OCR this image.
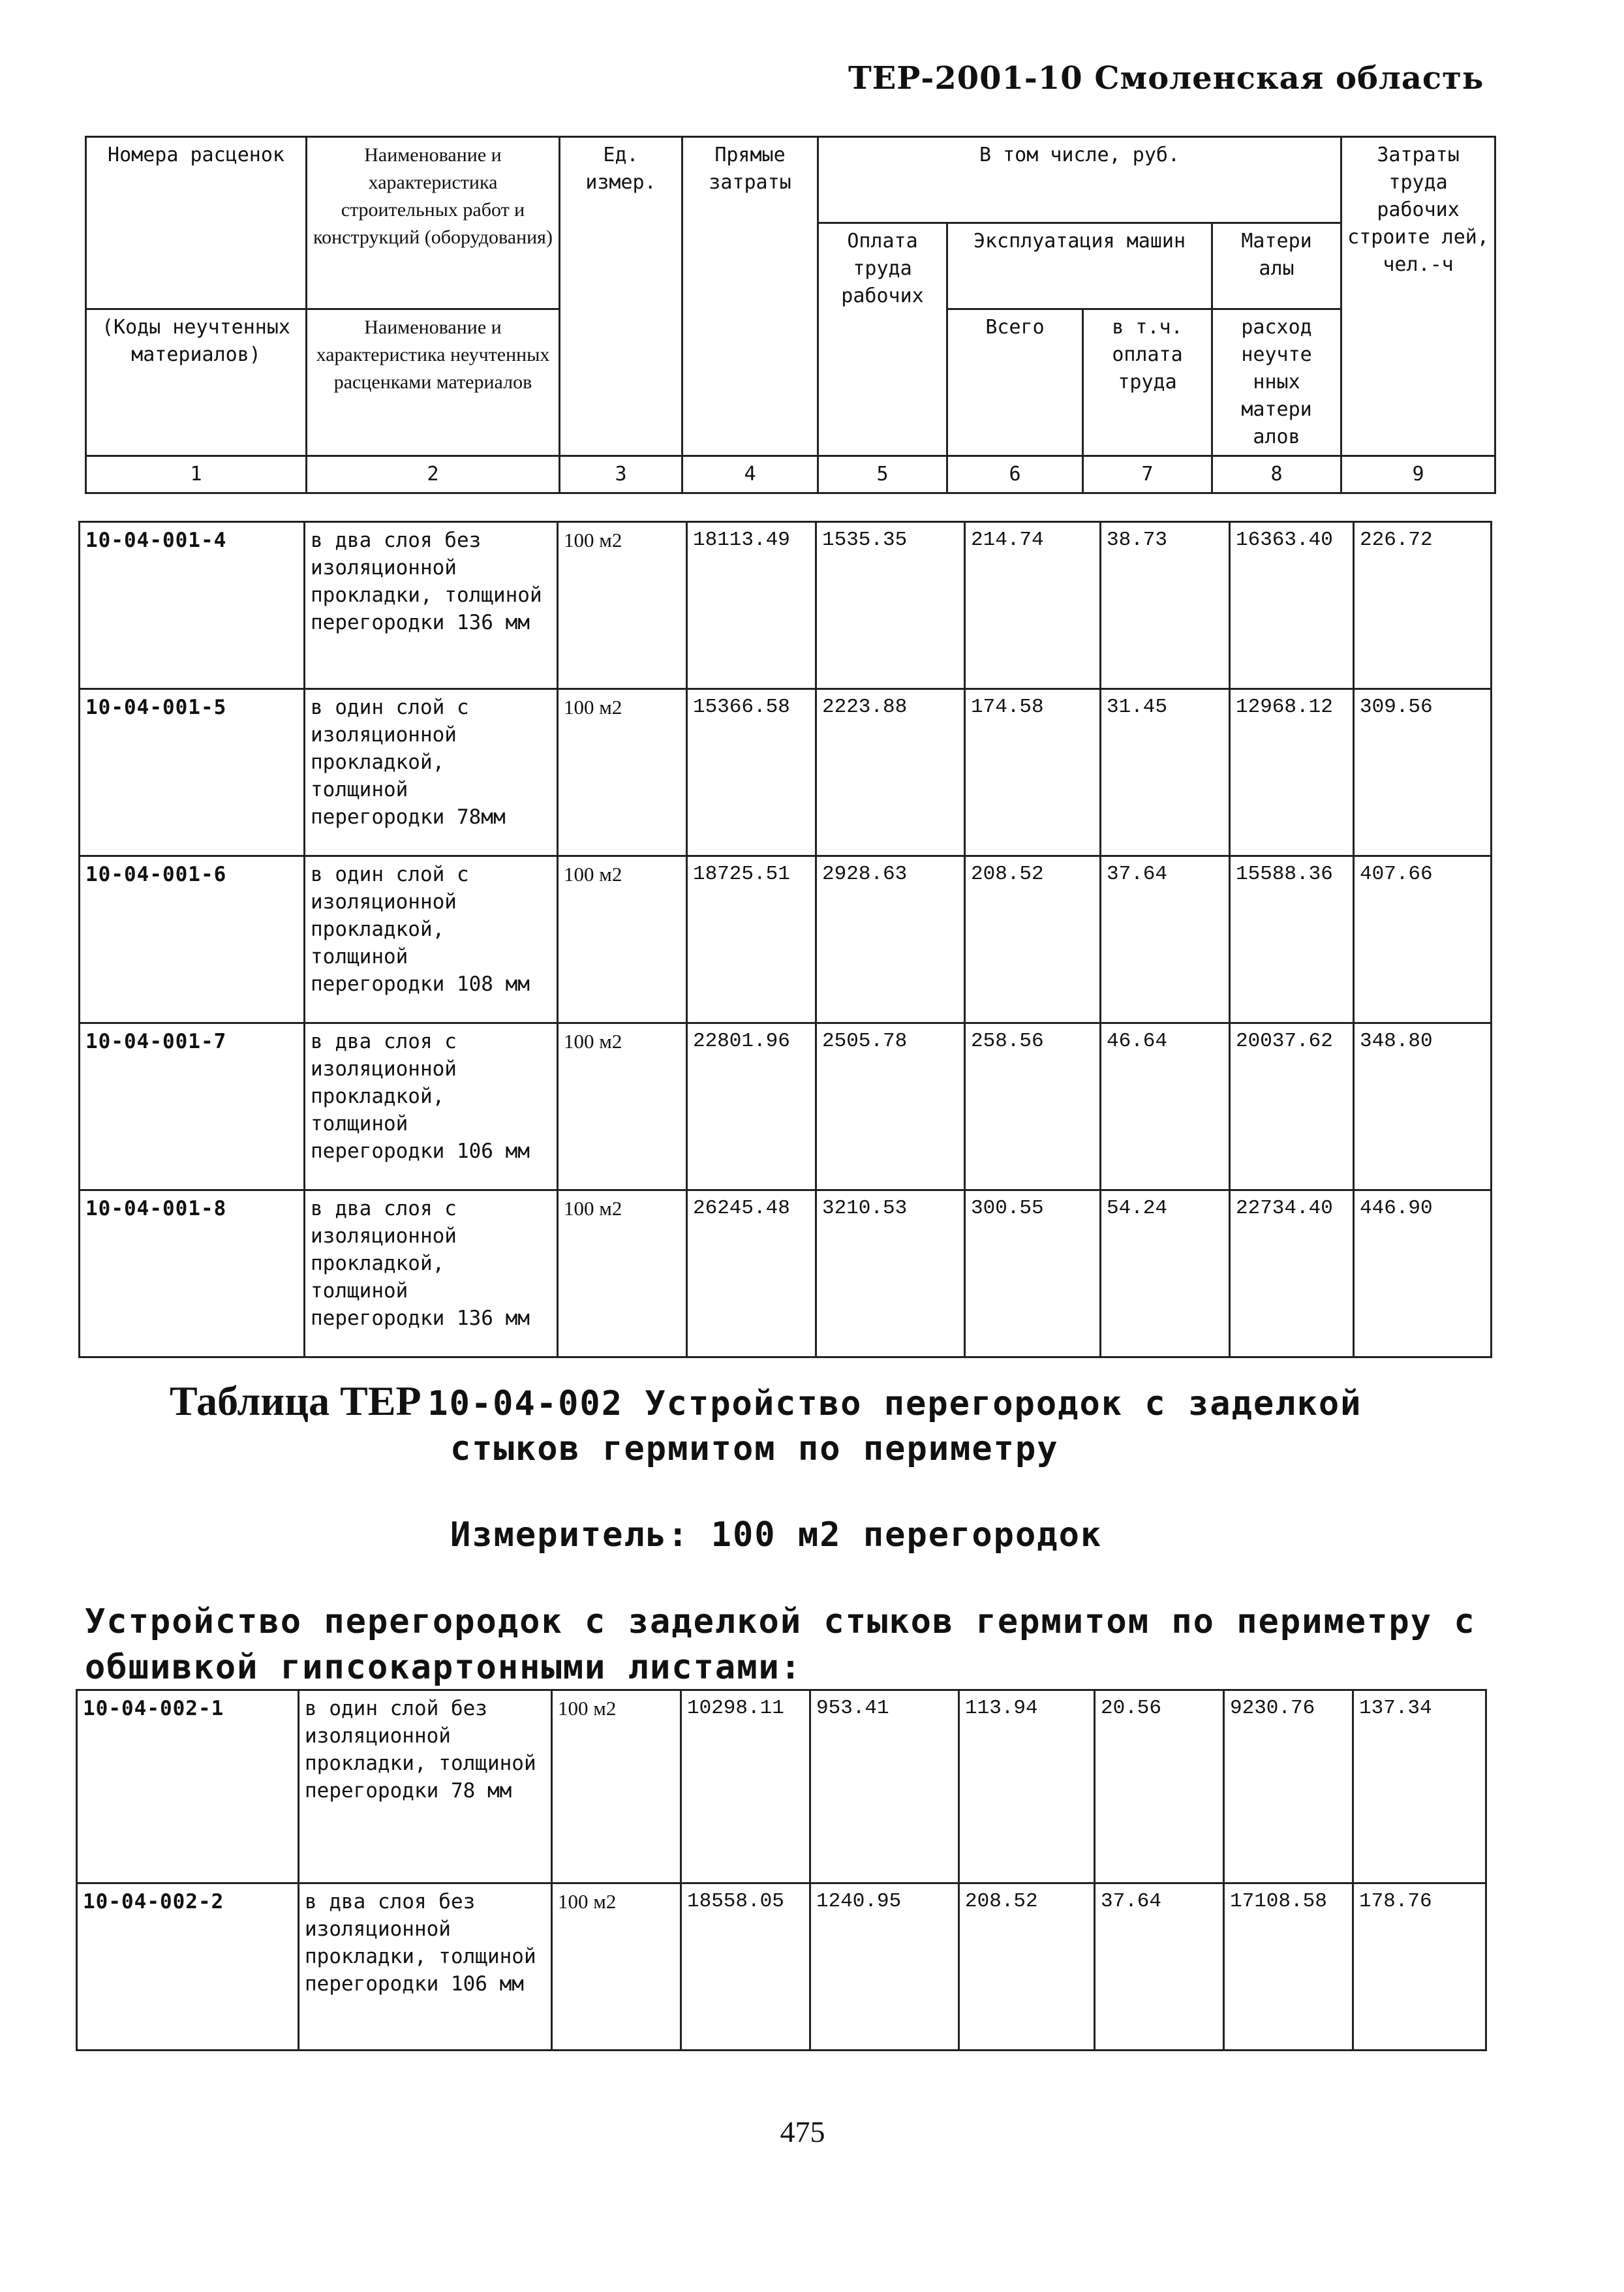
ТЕР-2001-10 Смоленская область
Номера расценок	Наименование и характеристика строительных работ и конструкций (оборудования)	Ед. измер.	Прямые затраты	В том числе, руб.				Затраты труда рабочих строите лей, чел.-ч
				Оплата труда рабочих	Эксплуатация машин		Матери алы	
(Коды неучтенных материалов)	Наименование и характеристика неучтенных расценками материалов				Всего	в т.ч. оплата труда	расход неучте нных матери алов	
1	2	3	4	5	6	7	8	9
10-04-001-4	в два слоя без изоляционной прокладки, толщиной перегородки 136 мм	100 м2	18113.49	1535.35	214.74	38.73	16363.40	226.72
10-04-001-5	в один слой с изоляционной прокладкой, толщиной перегородки 78мм	100 м2	15366.58	2223.88	174.58	31.45	12968.12	309.56
10-04-001-6	в один слой с изоляционной прокладкой, толщиной перегородки 108 мм	100 м2	18725.51	2928.63	208.52	37.64	15588.36	407.66
10-04-001-7	в два слоя с изоляционной прокладкой, толщиной перегородки 106 мм	100 м2	22801.96	2505.78	258.56	46.64	20037.62	348.80
10-04-001-8	в два слоя с изоляционной прокладкой, толщиной перегородки 136 мм	100 м2	26245.48	3210.53	300.55	54.24	22734.40	446.90
Таблица ТЕР 10-04-002 Устройство перегородок с заделкой
стыков гермитом по периметру
Измеритель: 100 м2 перегородок
Устройство перегородок с заделкой стыков гермитом по периметру с обшивкой гипсокартонными листами:
10-04-002-1	в один слой без изоляционной прокладки, толщиной перегородки 78 мм	100 м2	10298.11	953.41	113.94	20.56	9230.76	137.34
10-04-002-2	в два слоя без изоляционной прокладки, толщиной перегородки 106 мм	100 м2	18558.05	1240.95	208.52	37.64	17108.58	178.76
475
